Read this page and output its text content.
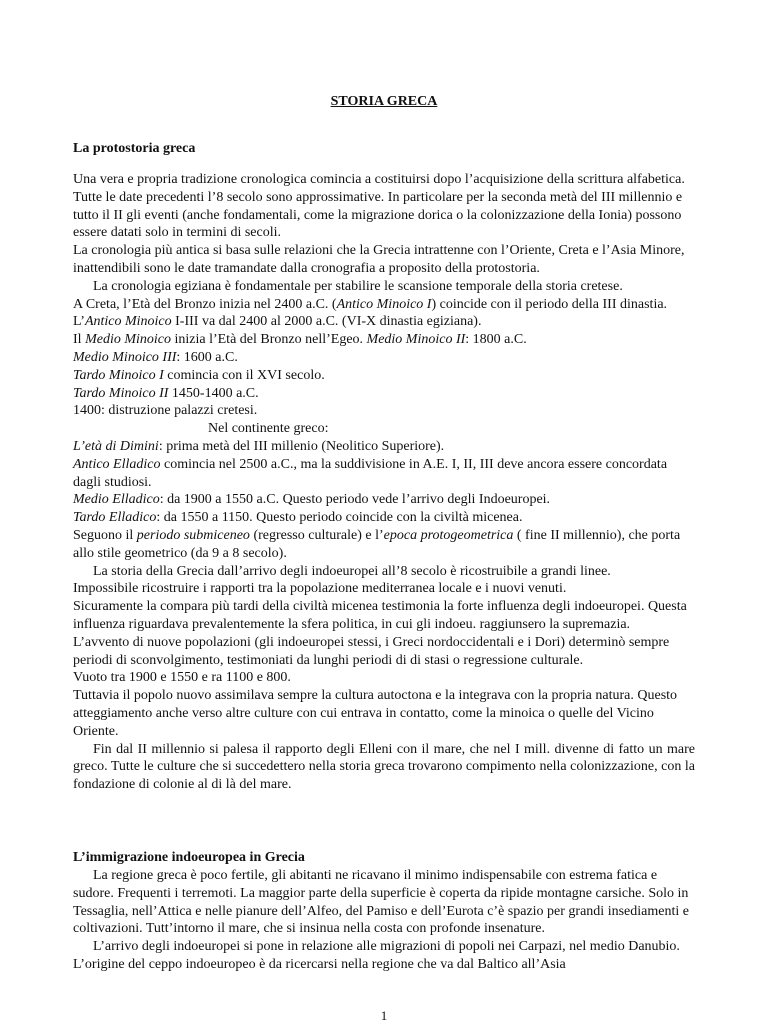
STORIA GRECA
La protostoria greca

Una vera e propria tradizione cronologica comincia a costituirsi dopo l’acquisizione della scrittura alfabetica. Tutte le date precedenti l’8 secolo sono approssimative. In particolare per la seconda metà del III millennio e tutto il II gli eventi (anche fondamentali, come la migrazione dorica o la colonizzazione della Ionia) possono essere datati solo in termini di secoli.

La cronologia più antica si basa sulle relazioni che la Grecia intrattenne con l’Oriente, Creta e l’Asia Minore, inattendibili sono le date tramandate dalla cronografia a proposito della protostoria.

La cronologia egiziana è fondamentale per stabilire le scansione temporale della storia cretese.

A Creta, l’Età del Bronzo inizia nel 2400 a.C. (Antico Minoico I) coincide con il periodo della III dinastia.

L’Antico Minoico I-III va dal 2400 al 2000 a.C. (VI-X dinastia egiziana).

Il Medio Minoico inizia l’Età del Bronzo nell’Egeo. Medio Minoico II: 1800 a.C.

Medio Minoico III: 1600 a.C.

Tardo Minoico I comincia con il XVI secolo.

Tardo Minoico II 1450-1400 a.C.

1400: distruzione palazzi cretesi.

Nel continente greco:

L’età di Dimini: prima metà del III millenio (Neolitico Superiore).

Antico Elladico comincia nel 2500 a.C., ma la suddivisione in A.E. I, II, III deve ancora essere concordata dagli studiosi.

Medio Elladico: da 1900 a 1550 a.C. Questo periodo vede l’arrivo degli Indoeuropei.

Tardo Elladico: da 1550 a 1150. Questo periodo coincide con la civiltà micenea.

Seguono il periodo submiceneo (regresso culturale) e l’epoca protogeometrica ( fine II millennio), che porta allo stile geometrico (da 9 a 8 secolo).

La storia della Grecia dall’arrivo degli indoeuropei all’8 secolo è ricostruibile a grandi linee.

Impossibile ricostruire i rapporti tra la popolazione mediterranea locale e i nuovi venuti.

Sicuramente la compara più tardi della civiltà micenea testimonia la forte influenza degli indoeuropei. Questa influenza riguardava prevalentemente la sfera politica, in cui gli indoeu. raggiunsero la supremazia.

L’avvento di nuove popolazioni (gli indoeuropei stessi, i Greci nordoccidentali e i Dori) determinò sempre periodi di sconvolgimento, testimoniati da lunghi periodi di di stasi o regressione culturale.

Vuoto tra 1900 e 1550 e ra 1100 e 800.

Tuttavia il popolo nuovo assimilava sempre la cultura autoctona e la integrava con la propria natura. Questo atteggiamento anche verso altre culture con cui entrava in contatto, come la minoica o quelle del Vicino Oriente.

Fin dal II millennio si palesa il rapporto degli Elleni con il mare, che nel I mill. divenne di fatto un mare greco. Tutte le culture che si succedettero nella storia greca trovarono compimento nella colonizzazione, con la fondazione di colonie al di là del mare.

L’immigrazione indoeuropea in Grecia

La regione greca è poco fertile, gli abitanti ne ricavano il minimo indispensabile con estrema fatica e sudore. Frequenti i terremoti. La maggior parte della superficie è coperta da ripide montagne carsiche. Solo in Tessaglia, nell’Attica e nelle pianure dell’Alfeo, del Pamiso e dell’Eurota c’è spazio per grandi insediamenti e coltivazioni. Tutt’intorno il mare, che si insinua nella costa con profonde insenature.

L’arrivo degli indoeuropei si pone in relazione alle migrazioni di popoli nei Carpazi, nel medio Danubio. L’origine del ceppo indoeuropeo è da ricercarsi nella regione che va dal Baltico all’Asia

1
